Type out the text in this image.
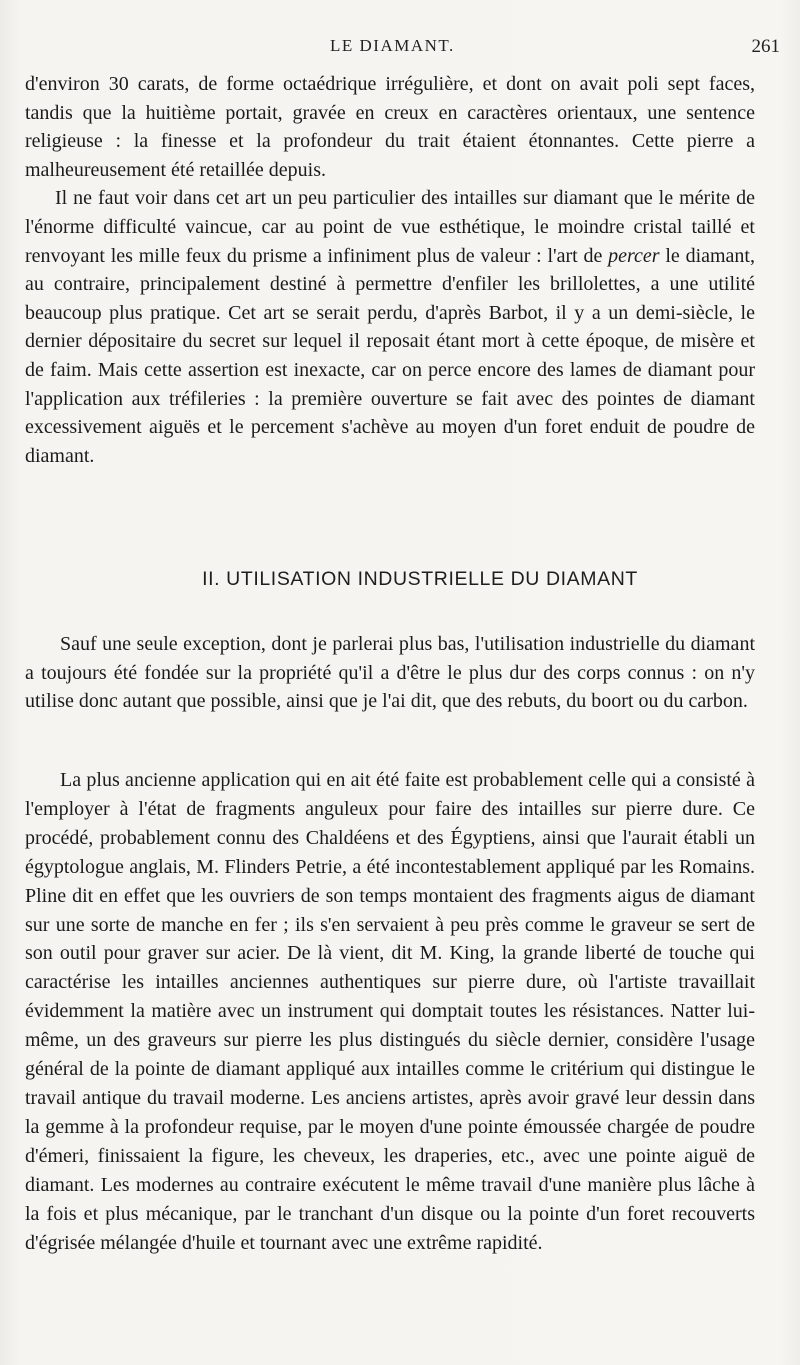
LE DIAMANT.	261

d'environ 30 carats, de forme octaédrique irrégulière, et dont on avait poli sept faces, tandis que la huitième portait, gravée en creux en caractères orientaux, une sentence religieuse : la finesse et la profondeur du trait étaient étonnantes. Cette pierre a malheureusement été retaillée depuis.

Il ne faut voir dans cet art un peu particulier des intailles sur diamant que le mérite de l'énorme difficulté vaincue, car au point de vue esthétique, le moindre cristal taillé et renvoyant les mille feux du prisme a infiniment plus de valeur : l'art de percer le diamant, au contraire, principalement destiné à permettre d'enfiler les brillolettes, a une utilité beaucoup plus pratique. Cet art se serait perdu, d'après Barbot, il y a un demi-siècle, le dernier dépositaire du secret sur lequel il reposait étant mort à cette époque, de misère et de faim. Mais cette assertion est inexacte, car on perce encore des lames de diamant pour l'application aux tréfileries : la première ouverture se fait avec des pointes de diamant excessivement aiguës et le percement s'achève au moyen d'un foret enduit de poudre de diamant.

II. UTILISATION INDUSTRIELLE DU DIAMANT

Sauf une seule exception, dont je parlerai plus bas, l'utilisation industrielle du diamant a toujours été fondée sur la propriété qu'il a d'être le plus dur des corps connus : on n'y utilise donc autant que possible, ainsi que je l'ai dit, que des rebuts, du boort ou du carbon.

La plus ancienne application qui en ait été faite est probablement celle qui a consisté à l'employer à l'état de fragments anguleux pour faire des intailles sur pierre dure. Ce procédé, probablement connu des Chaldéens et des Égyptiens, ainsi que l'aurait établi un égyptologue anglais, M. Flinders Petrie, a été incontestablement appliqué par les Romains. Pline dit en effet que les ouvriers de son temps montaient des fragments aigus de diamant sur une sorte de manche en fer ; ils s'en servaient à peu près comme le graveur se sert de son outil pour graver sur acier. De là vient, dit M. King, la grande liberté de touche qui caractérise les intailles anciennes authentiques sur pierre dure, où l'artiste travaillait évidemment la matière avec un instrument qui domptait toutes les résistances. Natter lui-même, un des graveurs sur pierre les plus distingués du siècle dernier, considère l'usage général de la pointe de diamant appliqué aux intailles comme le critérium qui distingue le travail antique du travail moderne. Les anciens artistes, après avoir gravé leur dessin dans la gemme à la profondeur requise, par le moyen d'une pointe émoussée chargée de poudre d'émeri, finissaient la figure, les cheveux, les draperies, etc., avec une pointe aiguë de diamant. Les modernes au contraire exécutent le même travail d'une manière plus lâche à la fois et plus mécanique, par le tranchant d'un disque ou la pointe d'un foret recouverts d'égrisée mélangée d'huile et tournant avec une extrême rapidité.
